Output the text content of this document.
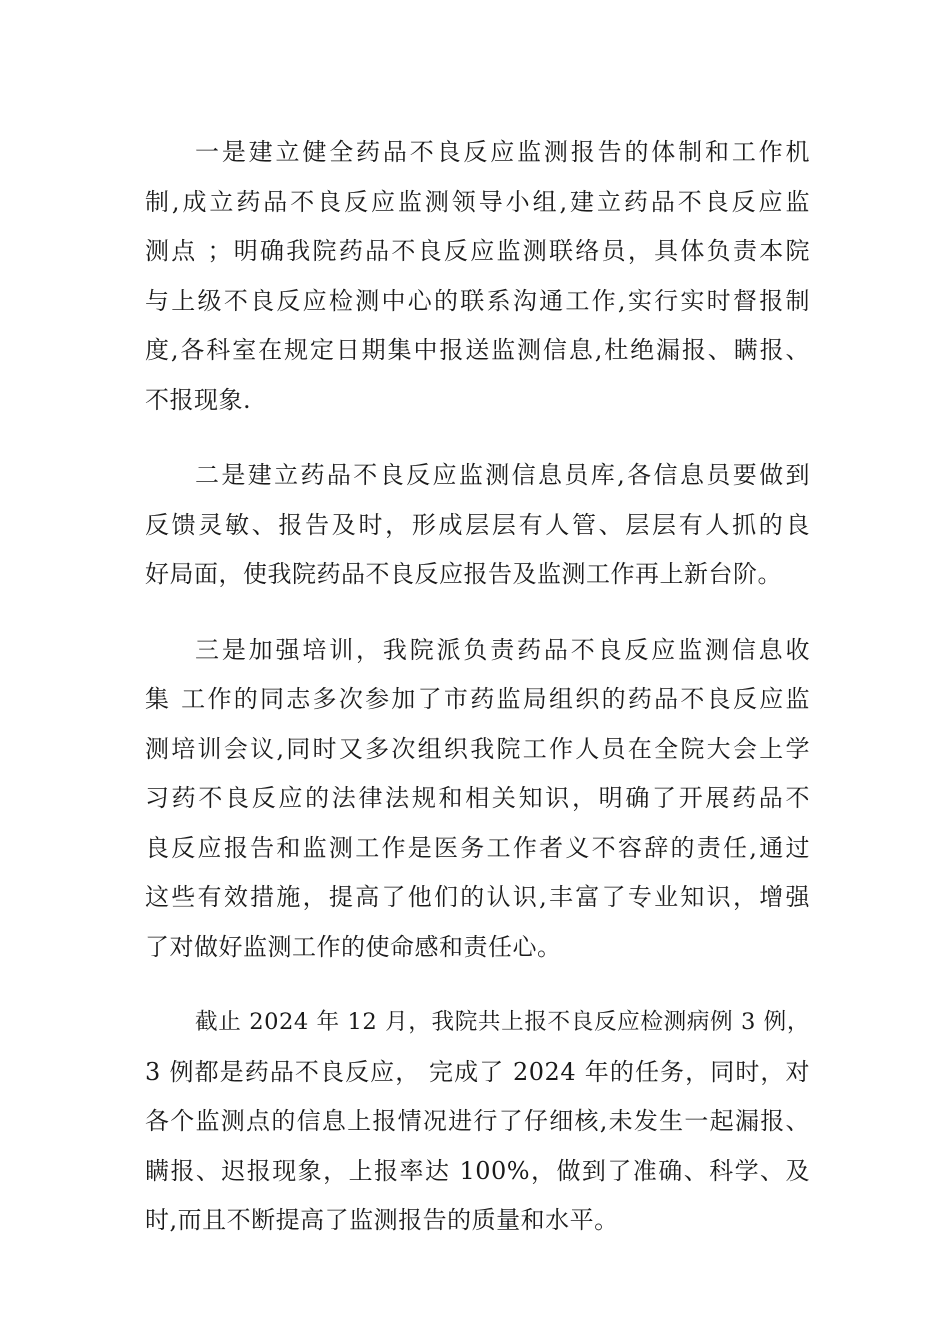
一是建立健全药品不良反应监测报告的体制和工作机
制,成立药品不良反应监测领导小组,建立药品不良反应监
测点 ；明确我院药品不良反应监测联络员，具体负责本院
与上级不良反应检测中心的联系沟通工作,实行实时督报制
度,各科室在规定日期集中报送监测信息,杜绝漏报、瞒报、
不报现象.

二是建立药品不良反应监测信息员库,各信息员要做到
反馈灵敏、报告及时，形成层层有人管、层层有人抓的良
好局面，使我院药品不良反应报告及监测工作再上新台阶。

三是加强培训，我院派负责药品不良反应监测信息收
集 工作的同志多次参加了市药监局组织的药品不良反应监
测培训会议,同时又多次组织我院工作人员在全院大会上学
习药不良反应的法律法规和相关知识，明确了开展药品不
良反应报告和监测工作是医务工作者义不容辞的责任,通过
这些有效措施，提高了他们的认识,丰富了专业知识，增强
了对做好监测工作的使命感和责任心。

截止 2024 年 12 月，我院共上报不良反应检测病例 3 例，
3 例都是药品不良反应， 完成了 2024 年的任务，同时，对
各个监测点的信息上报情况进行了仔细核,未发生一起漏报、
瞒报、迟报现象，上报率达 100%，做到了准确、科学、及
时,而且不断提高了监测报告的质量和水平。
